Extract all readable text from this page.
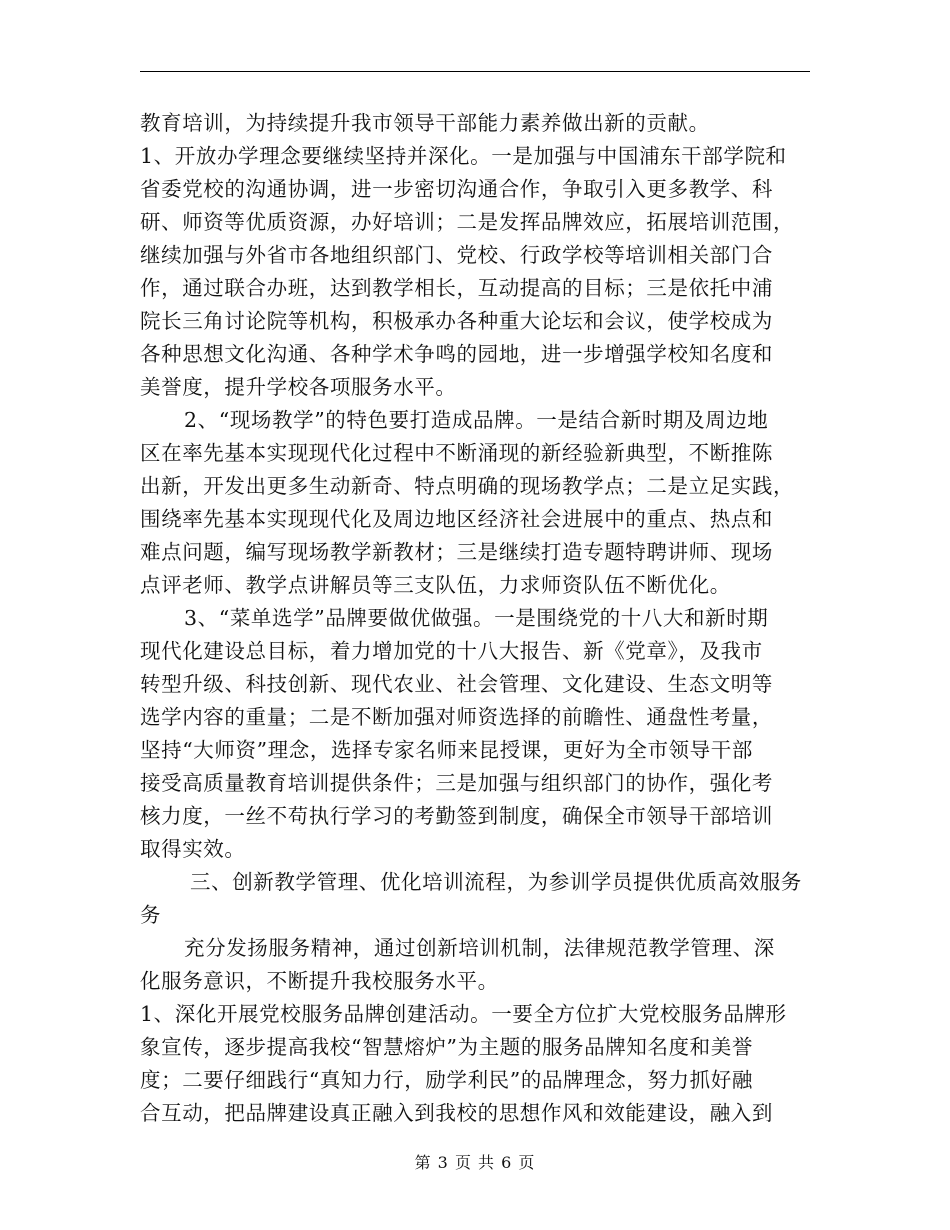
教育培训，为持续提升我市领导干部能力素养做出新的贡献。
1、开放办学理念要继续坚持并深化。一是加强与中国浦东干部学院和
省委党校的沟通协调，进一步密切沟通合作，争取引入更多教学、科
研、师资等优质资源，办好培训；二是发挥品牌效应，拓展培训范围，
继续加强与外省市各地组织部门、党校、行政学校等培训相关部门合
作，通过联合办班，达到教学相长，互动提高的目标；三是依托中浦
院长三角讨论院等机构，积极承办各种重大论坛和会议，使学校成为
各种思想文化沟通、各种学术争鸣的园地，进一步增强学校知名度和
美誉度，提升学校各项服务水平。
2、“现场教学”的特色要打造成品牌。一是结合新时期及周边地
区在率先基本实现现代化过程中不断涌现的新经验新典型，不断推陈
出新，开发出更多生动新奇、特点明确的现场教学点；二是立足实践，
围绕率先基本实现现代化及周边地区经济社会进展中的重点、热点和
难点问题，编写现场教学新教材；三是继续打造专题特聘讲师、现场
点评老师、教学点讲解员等三支队伍，力求师资队伍不断优化。
3、“菜单选学”品牌要做优做强。一是围绕党的十八大和新时期
现代化建设总目标，着力增加党的十八大报告、新《党章》，及我市
转型升级、科技创新、现代农业、社会管理、文化建设、生态文明等
选学内容的重量；二是不断加强对师资选择的前瞻性、通盘性考量，
坚持“大师资”理念，选择专家名师来昆授课，更好为全市领导干部
接受高质量教育培训提供条件；三是加强与组织部门的协作，强化考
核力度，一丝不苟执行学习的考勤签到制度，确保全市领导干部培训
取得实效。
三、创新教学管理、优化培训流程，为参训学员提供优质高效服务
务
充分发扬服务精神，通过创新培训机制，法律规范教学管理、深
化服务意识，不断提升我校服务水平。
1、深化开展党校服务品牌创建活动。一要全方位扩大党校服务品牌形
象宣传，逐步提高我校“智慧熔炉”为主题的服务品牌知名度和美誉
度；二要仔细践行“真知力行，励学利民”的品牌理念，努力抓好融
合互动，把品牌建设真正融入到我校的思想作风和效能建设，融入到
第 3 页 共 6 页
